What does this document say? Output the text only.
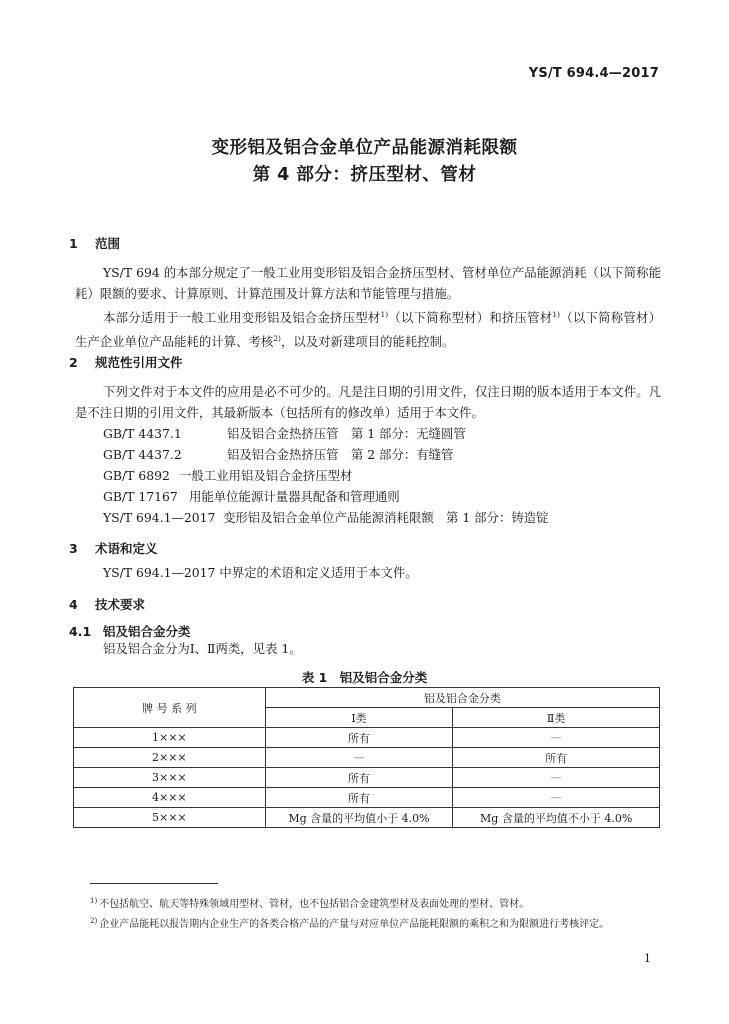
YS/T 694.4—2017
变形铝及铝合金单位产品能源消耗限额
第 4 部分：挤压型材、管材
1 范围
YS/T 694 的本部分规定了一般工业用变形铝及铝合金挤压型材、管材单位产品能源消耗（以下简称能耗）限额的要求、计算原则、计算范围及计算方法和节能管理与措施。
本部分适用于一般工业用变形铝及铝合金挤压型材$^{1)}$（以下简称型材）和挤压管材$^{1)}$（以下简称管材）生产企业单位产品能耗的计算、考核$^{2)}$，以及对新建项目的能耗控制。
2 规范性引用文件
下列文件对于本文件的应用是必不可少的。凡是注日期的引用文件，仅注日期的版本适用于本文件。凡是不注日期的引用文件，其最新版本（包括所有的修改单）适用于本文件。
GB/T 4437.1	铝及铝合金热挤压管　第 1 部分：无缝圆管
GB/T 4437.2	铝及铝合金热挤压管　第 2 部分：有缝管
GB/T 6892 一般工业用铝及铝合金挤压型材
GB/T 17167 用能单位能源计量器具配备和管理通则
YS/T 694.1—2017 变形铝及铝合金单位产品能源消耗限额　第 1 部分：铸造锭
3 术语和定义
YS/T 694.1—2017 中界定的术语和定义适用于本文件。
4 技术要求
4.1 铝及铝合金分类
铝及铝合金分为Ⅰ、Ⅱ两类，见表 1。
表 1　铝及铝合金分类
牌 号 系 列	铝及铝合金分类	
	Ⅰ类	Ⅱ类
1×××	所有	—
2×××	—	所有
3×××	所有	—
4×××	所有	—
5×××	Mg 含量的平均值小于 4.0%	Mg 含量的平均值不小于 4.0%
$^{1)}$ 不包括航空、航天等特殊领域用型材、管材，也不包括铝合金建筑型材及表面处理的型材、管材。
$^{2)}$ 企业产品能耗以报告期内企业生产的各类合格产品的产量与对应单位产品能耗限额的乘积之和为限额进行考核评定。
1
